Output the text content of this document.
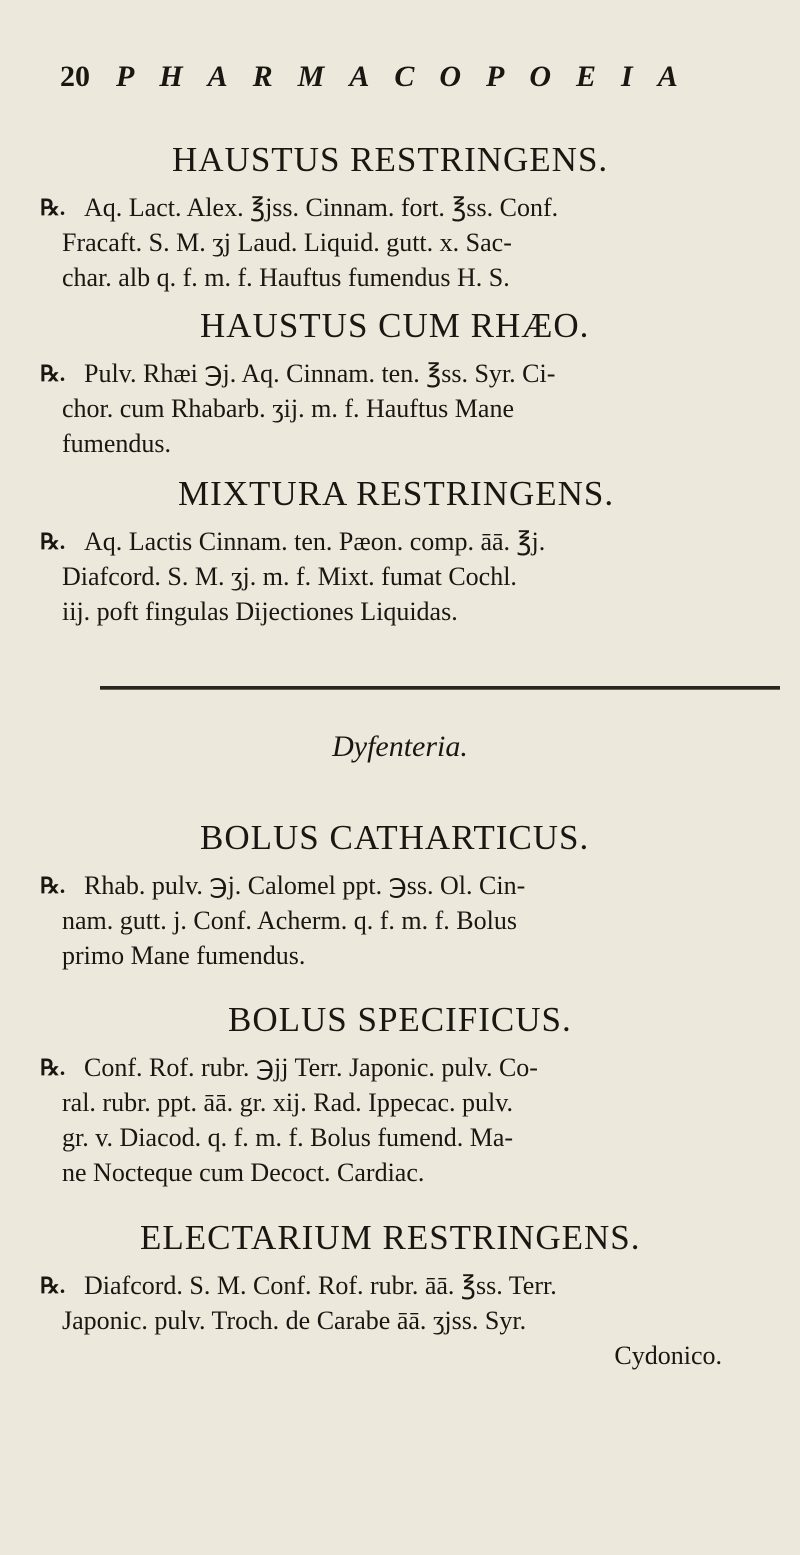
20 PHARMACOPOEIA
HAUSTUS RESTRINGENS.
℞. Aq. Lact. Alex. ℥jss. Cinnam. fort. ℥ss. Conf.
Fracaft. S. M. ʒj Laud. Liquid. gutt. x. Sac-
char. alb q. f. m. f. Hauftus fumendus H. S.
HAUSTUS CUM RHÆO.
℞. Pulv. Rhæi ℈j. Aq. Cinnam. ten. ℥ss. Syr. Ci-
chor. cum Rhabarb. ʒij. m. f. Hauftus Mane
fumendus.
MIXTURA RESTRINGENS.
℞. Aq. Lactis Cinnam. ten. Pæon. comp. āā. ℥j.
Diafcord. S. M. ʒj. m. f. Mixt. fumat Cochl.
iij. poft fingulas Dijectiones Liquidas.
Dyfenteria.
BOLUS CATHARTICUS.
℞. Rhab. pulv. ℈j. Calomel ppt. ℈ss. Ol. Cin-
nam. gutt. j. Conf. Acherm. q. f. m. f. Bolus
primo Mane fumendus.
BOLUS SPECIFICUS.
℞. Conf. Rof. rubr. ℈jj Terr. Japonic. pulv. Co-
ral. rubr. ppt. āā. gr. xij. Rad. Ippecac. pulv.
gr. v. Diacod. q. f. m. f. Bolus fumend. Ma-
ne Nocteque cum Decoct. Cardiac.
ELECTARIUM RESTRINGENS.
℞. Diafcord. S. M. Conf. Rof. rubr. āā. ℥ss. Terr.
Japonic. pulv. Troch. de Carabe āā. ʒjss. Syr.
Cydonico.
